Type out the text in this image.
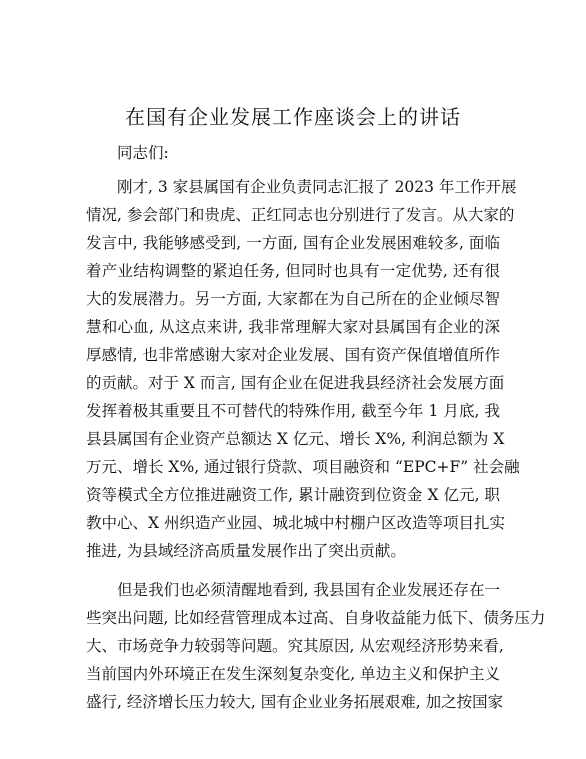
在国有企业发展工作座谈会上的讲话
同志们:
刚才, 3 家县属国有企业负责同志汇报了 2023 年工作开展
情况, 参会部门和贵虎、正红同志也分别进行了发言。从大家的
发言中, 我能够感受到, 一方面, 国有企业发展困难较多, 面临
着产业结构调整的紧迫任务, 但同时也具有一定优势, 还有很
大的发展潜力。另一方面, 大家都在为自己所在的企业倾尽智
慧和心血, 从这点来讲, 我非常理解大家对县属国有企业的深
厚感情, 也非常感谢大家对企业发展、国有资产保值增值所作
的贡献。对于 X 而言, 国有企业在促进我县经济社会发展方面
发挥着极其重要且不可替代的特殊作用, 截至今年 1 月底, 我
县县属国有企业资产总额达 X 亿元、增长 X%, 利润总额为 X
万元、增长 X%, 通过银行贷款、项目融资和 “EPC+F” 社会融
资等模式全方位推进融资工作, 累计融资到位资金 X 亿元, 职
教中心、X 州织造产业园、城北城中村棚户区改造等项目扎实
推进, 为县域经济高质量发展作出了突出贡献。
但是我们也必须清醒地看到, 我县国有企业发展还存在一
些突出问题, 比如经营管理成本过高、自身收益能力低下、债务压力
大、市场竞争力较弱等问题。究其原因, 从宏观经济形势来看,
当前国内外环境正在发生深刻复杂变化, 单边主义和保护主义
盛行, 经济增长压力较大, 国有企业业务拓展艰难, 加之按国家
